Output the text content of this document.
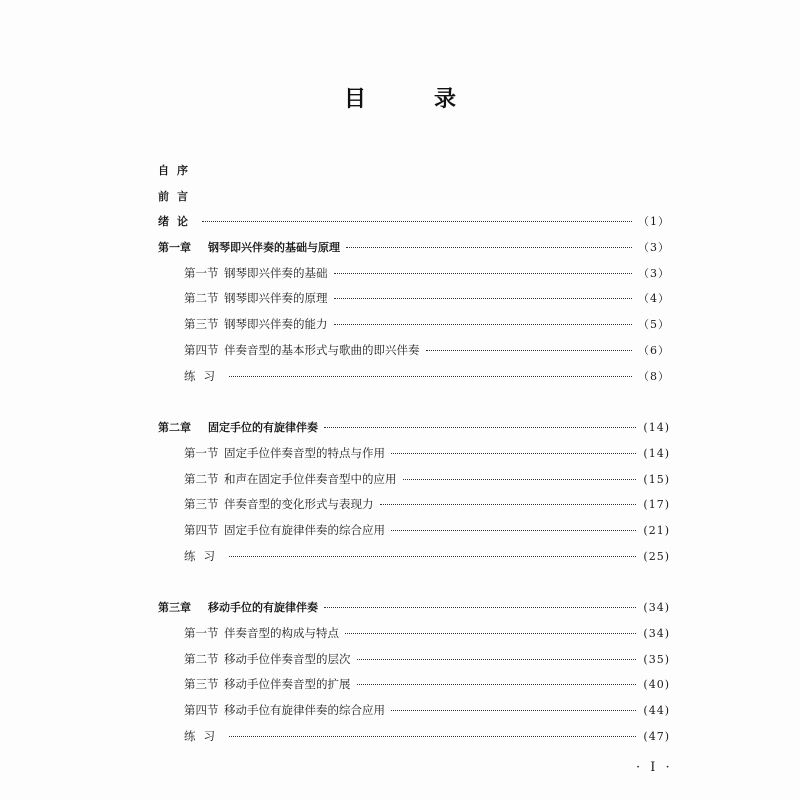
目录
自序
前言
绪论	（1）
第一章	钢琴即兴伴奏的基础与原理	（3）
第一节 钢琴即兴伴奏的基础	（3）
第二节 钢琴即兴伴奏的原理	（4）
第三节 钢琴即兴伴奏的能力	（5）
第四节 伴奏音型的基本形式与歌曲的即兴伴奏	（6）
练习	（8）
第二章	固定手位的有旋律伴奏	(14)
第一节 固定手位伴奏音型的特点与作用	(14)
第二节 和声在固定手位伴奏音型中的应用	(15)
第三节 伴奏音型的变化形式与表现力	(17)
第四节 固定手位有旋律伴奏的综合应用	(21)
练习	(25)
第三章	移动手位的有旋律伴奏	(34)
第一节 伴奏音型的构成与特点	(34)
第二节 移动手位伴奏音型的层次	(35)
第三节 移动手位伴奏音型的扩展	(40)
第四节 移动手位有旋律伴奏的综合应用	(44)
练习	(47)
· I ·
